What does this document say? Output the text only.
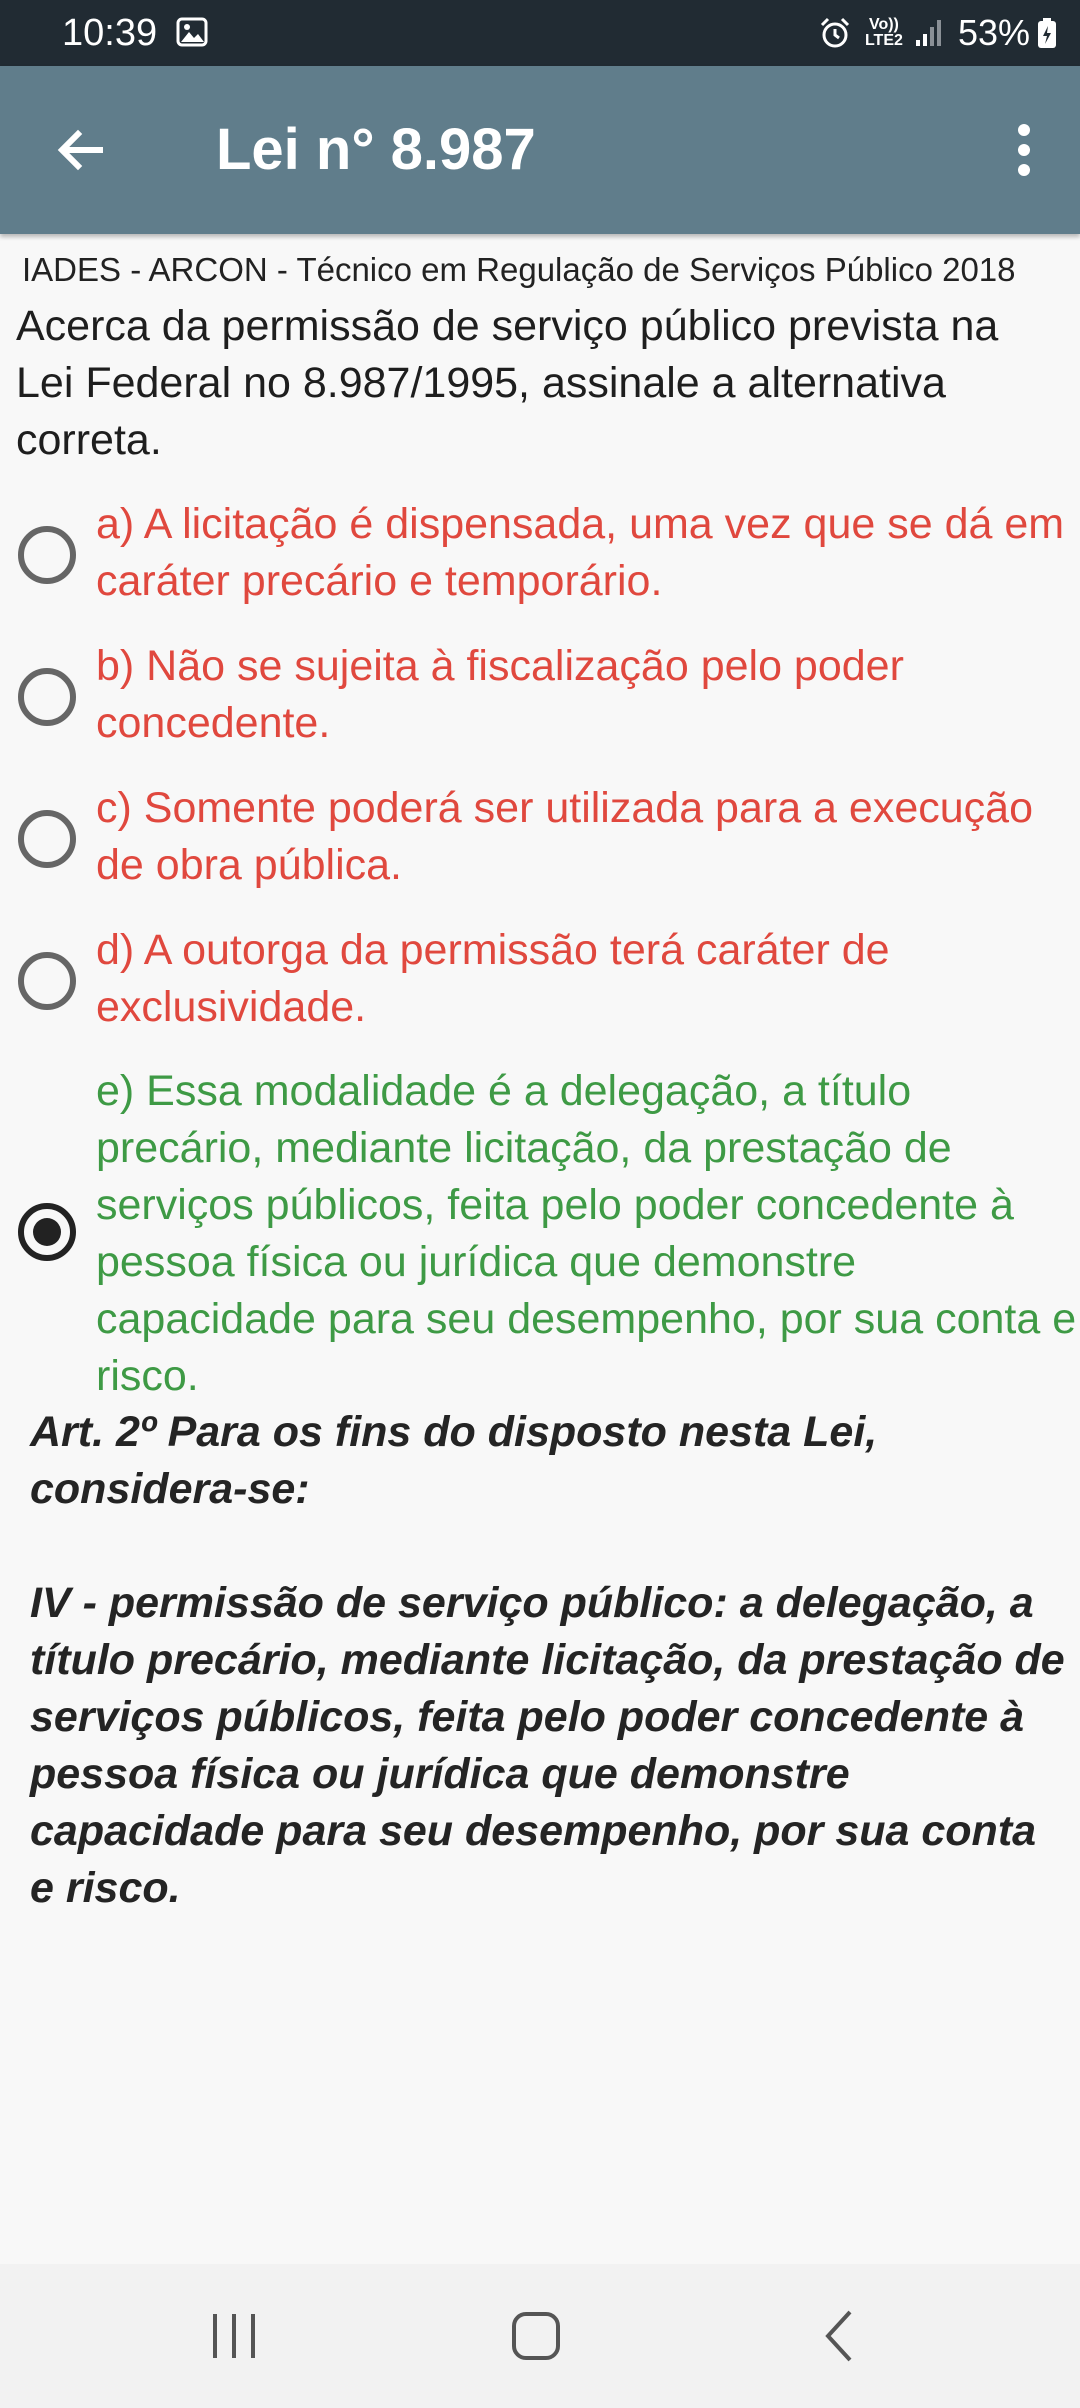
10:39	Vo)) LTE2 53%
Lei n° 8.987
IADES - ARCON - Técnico em Regulação de Serviços Público 2018
Acerca da permissão de serviço público prevista na Lei Federal no 8.987/1995, assinale a alternativa correta.
a) A licitação é dispensada, uma vez que se dá em caráter precário e temporário.
b) Não se sujeita à fiscalização pelo poder concedente.
c) Somente poderá ser utilizada para a execução de obra pública.
d) A outorga da permissão terá caráter de exclusividade.
e) Essa modalidade é a delegação, a título precário, mediante licitação, da prestação de serviços públicos, feita pelo poder concedente à pessoa física ou jurídica que demonstre capacidade para seu desempenho, por sua conta e risco.

Art. 2º Para os fins do disposto nesta Lei, considera-se:

IV - permissão de serviço público: a delegação, a título precário, mediante licitação, da prestação de serviços públicos, feita pelo poder concedente à pessoa física ou jurídica que demonstre capacidade para seu desempenho, por sua conta e risco.
